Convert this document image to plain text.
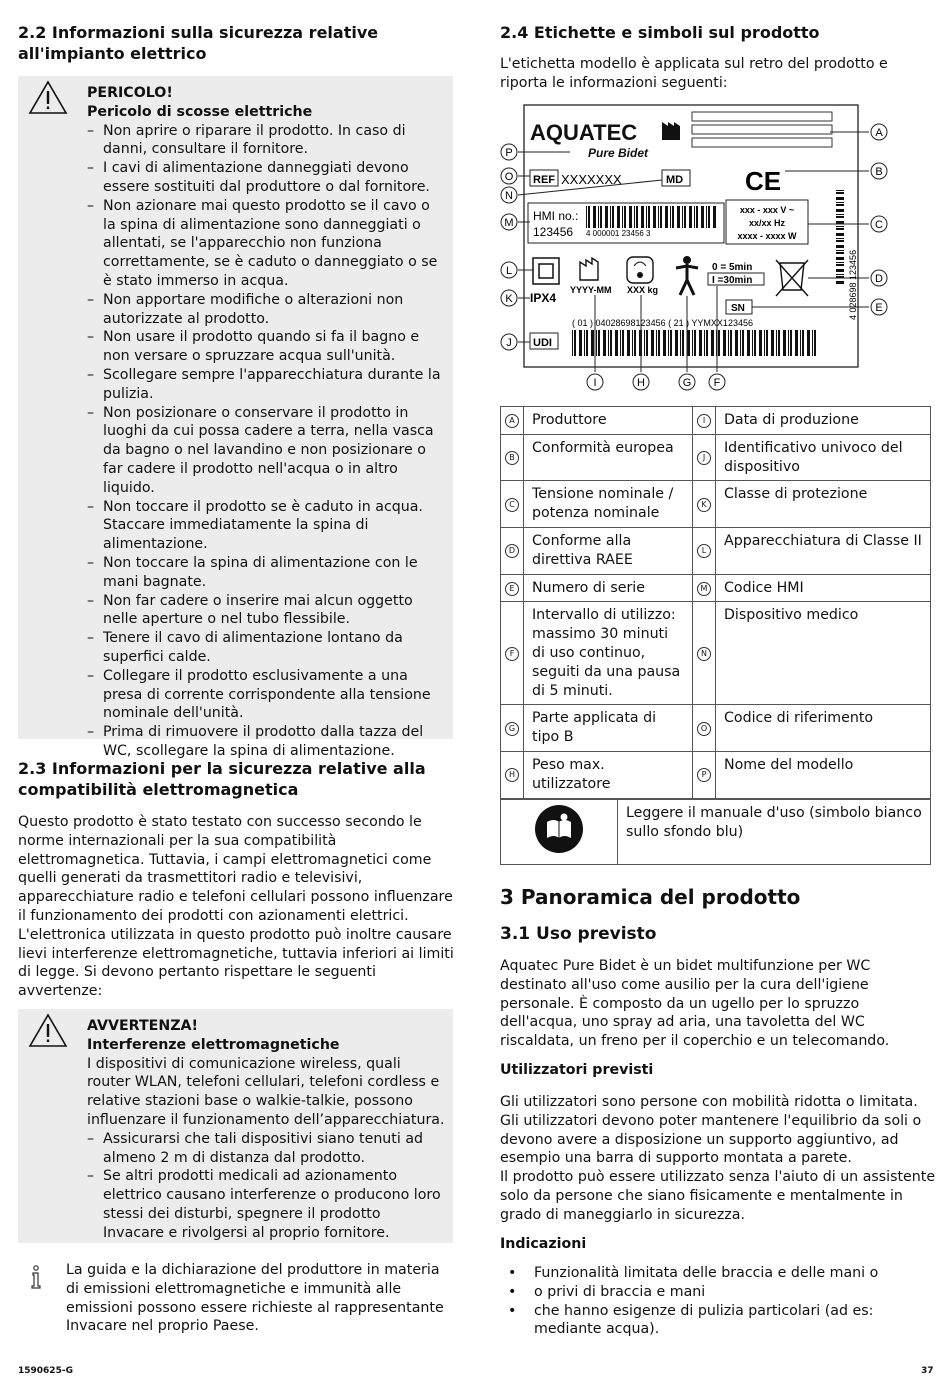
2.2 Informazioni sulla sicurezza relative
all'impianto elettrico
PERICOLO!
Pericolo di scosse elettriche
– Non aprire o riparare il prodotto. In caso di danni, consultare il fornitore.
– I cavi di alimentazione danneggiati devono essere sostituiti dal produttore o dal fornitore.
– Non azionare mai questo prodotto se il cavo o la spina di alimentazione sono danneggiati o allentati, se l'apparecchio non funziona correttamente, se è caduto o danneggiato o se è stato immerso in acqua.
– Non apportare modifiche o alterazioni non autorizzate al prodotto.
– Non usare il prodotto quando si fa il bagno e non versare o spruzzare acqua sull'unità.
– Scollegare sempre l'apparecchiatura durante la pulizia.
– Non posizionare o conservare il prodotto in luoghi da cui possa cadere a terra, nella vasca da bagno o nel lavandino e non posizionare o far cadere il prodotto nell'acqua o in altro liquido.
– Non toccare il prodotto se è caduto in acqua. Staccare immediatamente la spina di alimentazione.
– Non toccare la spina di alimentazione con le mani bagnate.
– Non far cadere o inserire mai alcun oggetto nelle aperture o nel tubo flessibile.
– Tenere il cavo di alimentazione lontano da superfici calde.
– Collegare il prodotto esclusivamente a una presa di corrente corrispondente alla tensione nominale dell'unità.
– Prima di rimuovere il prodotto dalla tazza del WC, scollegare la spina di alimentazione.
2.3 Informazioni per la sicurezza relative alla
compatibilità elettromagnetica

Questo prodotto è stato testato con successo secondo le norme internazionali per la sua compatibilità elettromagnetica. Tuttavia, i campi elettromagnetici come quelli generati da trasmettitori radio e televisivi, apparecchiature radio e telefoni cellulari possono influenzare il funzionamento dei prodotti con azionamenti elettrici. L'elettronica utilizzata in questo prodotto può inoltre causare lievi interferenze elettromagnetiche, tuttavia inferiori ai limiti di legge. Si devono pertanto rispettare le seguenti avvertenze:

AVVERTENZA!
Interferenze elettromagnetiche
I dispositivi di comunicazione wireless, quali router WLAN, telefoni cellulari, telefoni cordless e relative stazioni base o walkie-talkie, possono influenzare il funzionamento dell’apparecchiatura.
– Assicurarsi che tali dispositivi siano tenuti ad almeno 2 m di distanza dal prodotto.
– Se altri prodotti medicali ad azionamento elettrico causano interferenze o producono loro stessi dei disturbi, spegnere il prodotto Invacare e rivolgersi al proprio fornitore.

La guida e la dichiarazione del produttore in materia di emissioni elettromagnetiche e immunità alle emissioni possono essere richieste al rappresentante Invacare nel proprio Paese.

2.4 Etichette e simboli sul prodotto

L'etichetta modello è applicata sul retro del prodotto e riporta le informazioni seguenti:

AQUATEC
Pure Bidet
REF XXXXXXX	MD CE
HMI no.:
123456 4 000001 23456 3
xxx - xxx V ~
xx/xx Hz
xxxx - xxxx W
4 028698 123456
YYYY-MM XXX kg
0 = 5min
I =30min
IPX4
SN
( 01 ) 04028698123456 ( 21 ) YYMXX123456
UDI
A
B
C
D
E
F
G
H
I
J
K
L
M
N
O
P
A	Produttore	I	Data di produzione
B	Conformità europea	J	Identificativo univoco del dispositivo
C	Tensione nominale / potenza nominale	K	Classe di protezione
D	Conforme alla direttiva RAEE	L	Apparecchiatura di Classe II
E	Numero di serie	M	Codice HMI
F	Intervallo di utilizzo: massimo 30 minuti di uso continuo, seguiti da una pausa di 5 minuti.	N	Dispositivo medico
G	Parte applicata di tipo B	O	Codice di riferimento
H	Peso max. utilizzatore	P	Nome del modello
	Leggere il manuale d'uso (simbolo bianco sullo sfondo blu)
3 Panoramica del prodotto
3.1 Uso previsto

Aquatec Pure Bidet è un bidet multifunzione per WC destinato all'uso come ausilio per la cura dell'igiene personale. È composto da un ugello per lo spruzzo dell'acqua, uno spray ad aria, una tavoletta del WC riscaldata, un freno per il coperchio e un telecomando.

Utilizzatori previsti

Gli utilizzatori sono persone con mobilità ridotta o limitata. Gli utilizzatori devono poter mantenere l'equilibrio da soli o devono avere a disposizione un supporto aggiuntivo, ad esempio una barra di supporto montata a parete.

Il prodotto può essere utilizzato senza l'aiuto di un assistente solo da persone che siano fisicamente e mentalmente in grado di maneggiarlo in sicurezza.

Indicazioni
• Funzionalità limitata delle braccia e delle mani o
• o privi di braccia e mani
• che hanno esigenze di pulizia particolari (ad es: mediante acqua).
1590625-G	37
